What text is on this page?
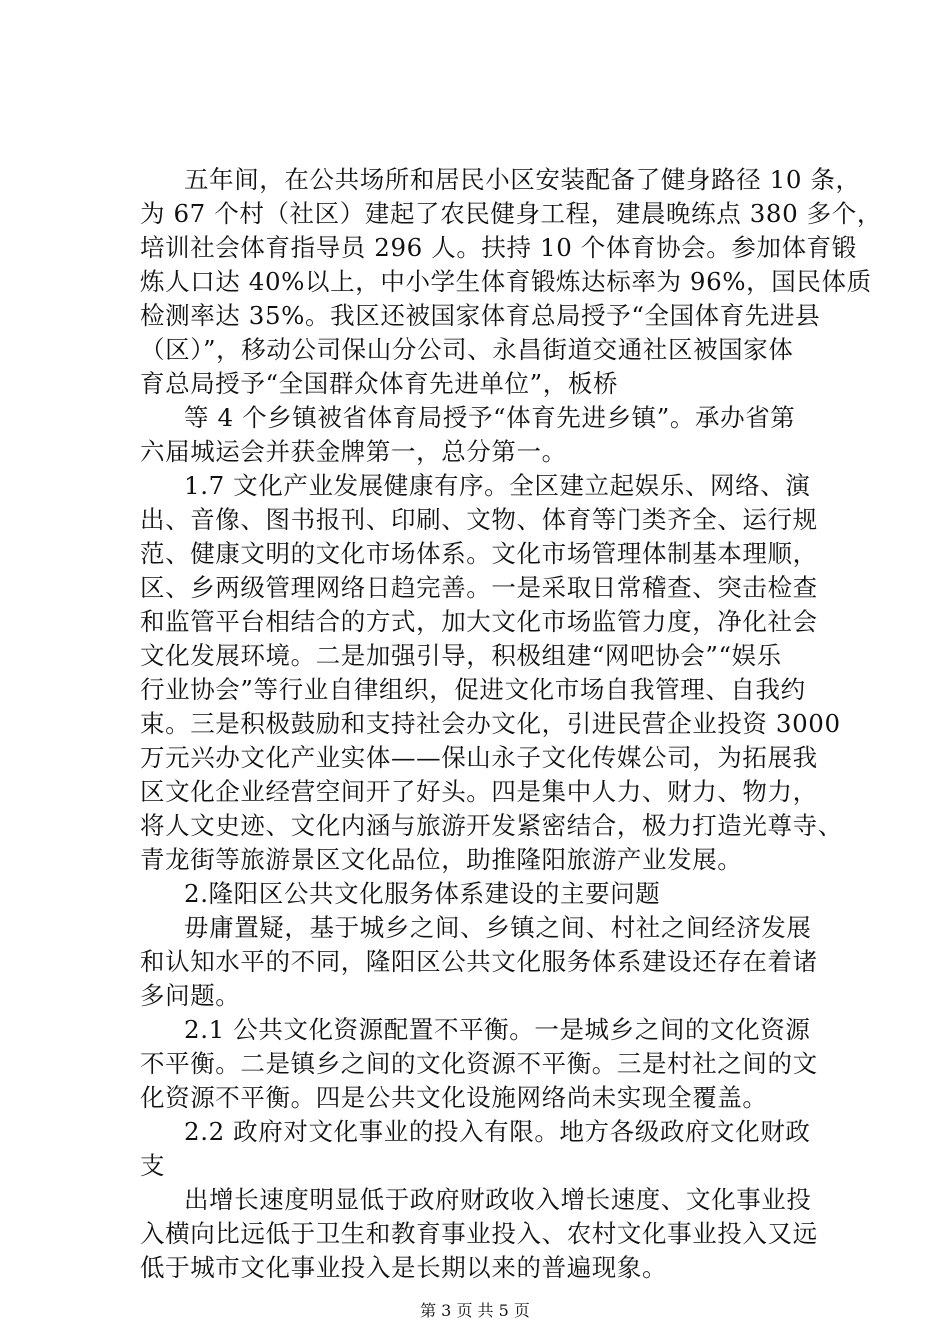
五年间，在公共场所和居民小区安装配备了健身路径 10 条，
为 67 个村（社区）建起了农民健身工程，建晨晚练点 380 多个，
培训社会体育指导员 296 人。扶持 10 个体育协会。参加体育锻
炼人口达 40%以上，中小学生体育锻炼达标率为 96%，国民体质
检测率达 35%。我区还被国家体育总局授予“全国体育先进县
（区）”，移动公司保山分公司、永昌街道交通社区被国家体
育总局授予“全国群众体育先进单位”，板桥
等 4 个乡镇被省体育局授予“体育先进乡镇”。承办省第
六届城运会并获金牌第一，总分第一。
1.7 文化产业发展健康有序。全区建立起娱乐、网络、演
出、音像、图书报刊、印刷、文物、体育等门类齐全、运行规
范、健康文明的文化市场体系。文化市场管理体制基本理顺，
区、乡两级管理网络日趋完善。一是采取日常稽查、突击检查
和监管平台相结合的方式，加大文化市场监管力度，净化社会
文化发展环境。二是加强引导，积极组建“网吧协会”“娱乐
行业协会”等行业自律组织，促进文化市场自我管理、自我约
束。三是积极鼓励和支持社会办文化，引进民营企业投资 3000
万元兴办文化产业实体——保山永子文化传媒公司，为拓展我
区文化企业经营空间开了好头。四是集中人力、财力、物力，
将人文史迹、文化内涵与旅游开发紧密结合，极力打造光尊寺、
青龙街等旅游景区文化品位，助推隆阳旅游产业发展。
2.隆阳区公共文化服务体系建设的主要问题
毋庸置疑，基于城乡之间、乡镇之间、村社之间经济发展
和认知水平的不同，隆阳区公共文化服务体系建设还存在着诸
多问题。
2.1 公共文化资源配置不平衡。一是城乡之间的文化资源
不平衡。二是镇乡之间的文化资源不平衡。三是村社之间的文
化资源不平衡。四是公共文化设施网络尚未实现全覆盖。
2.2 政府对文化事业的投入有限。地方各级政府文化财政
支
出增长速度明显低于政府财政收入增长速度、文化事业投
入横向比远低于卫生和教育事业投入、农村文化事业投入又远
低于城市文化事业投入是长期以来的普遍现象。
第 3 页 共 5 页
